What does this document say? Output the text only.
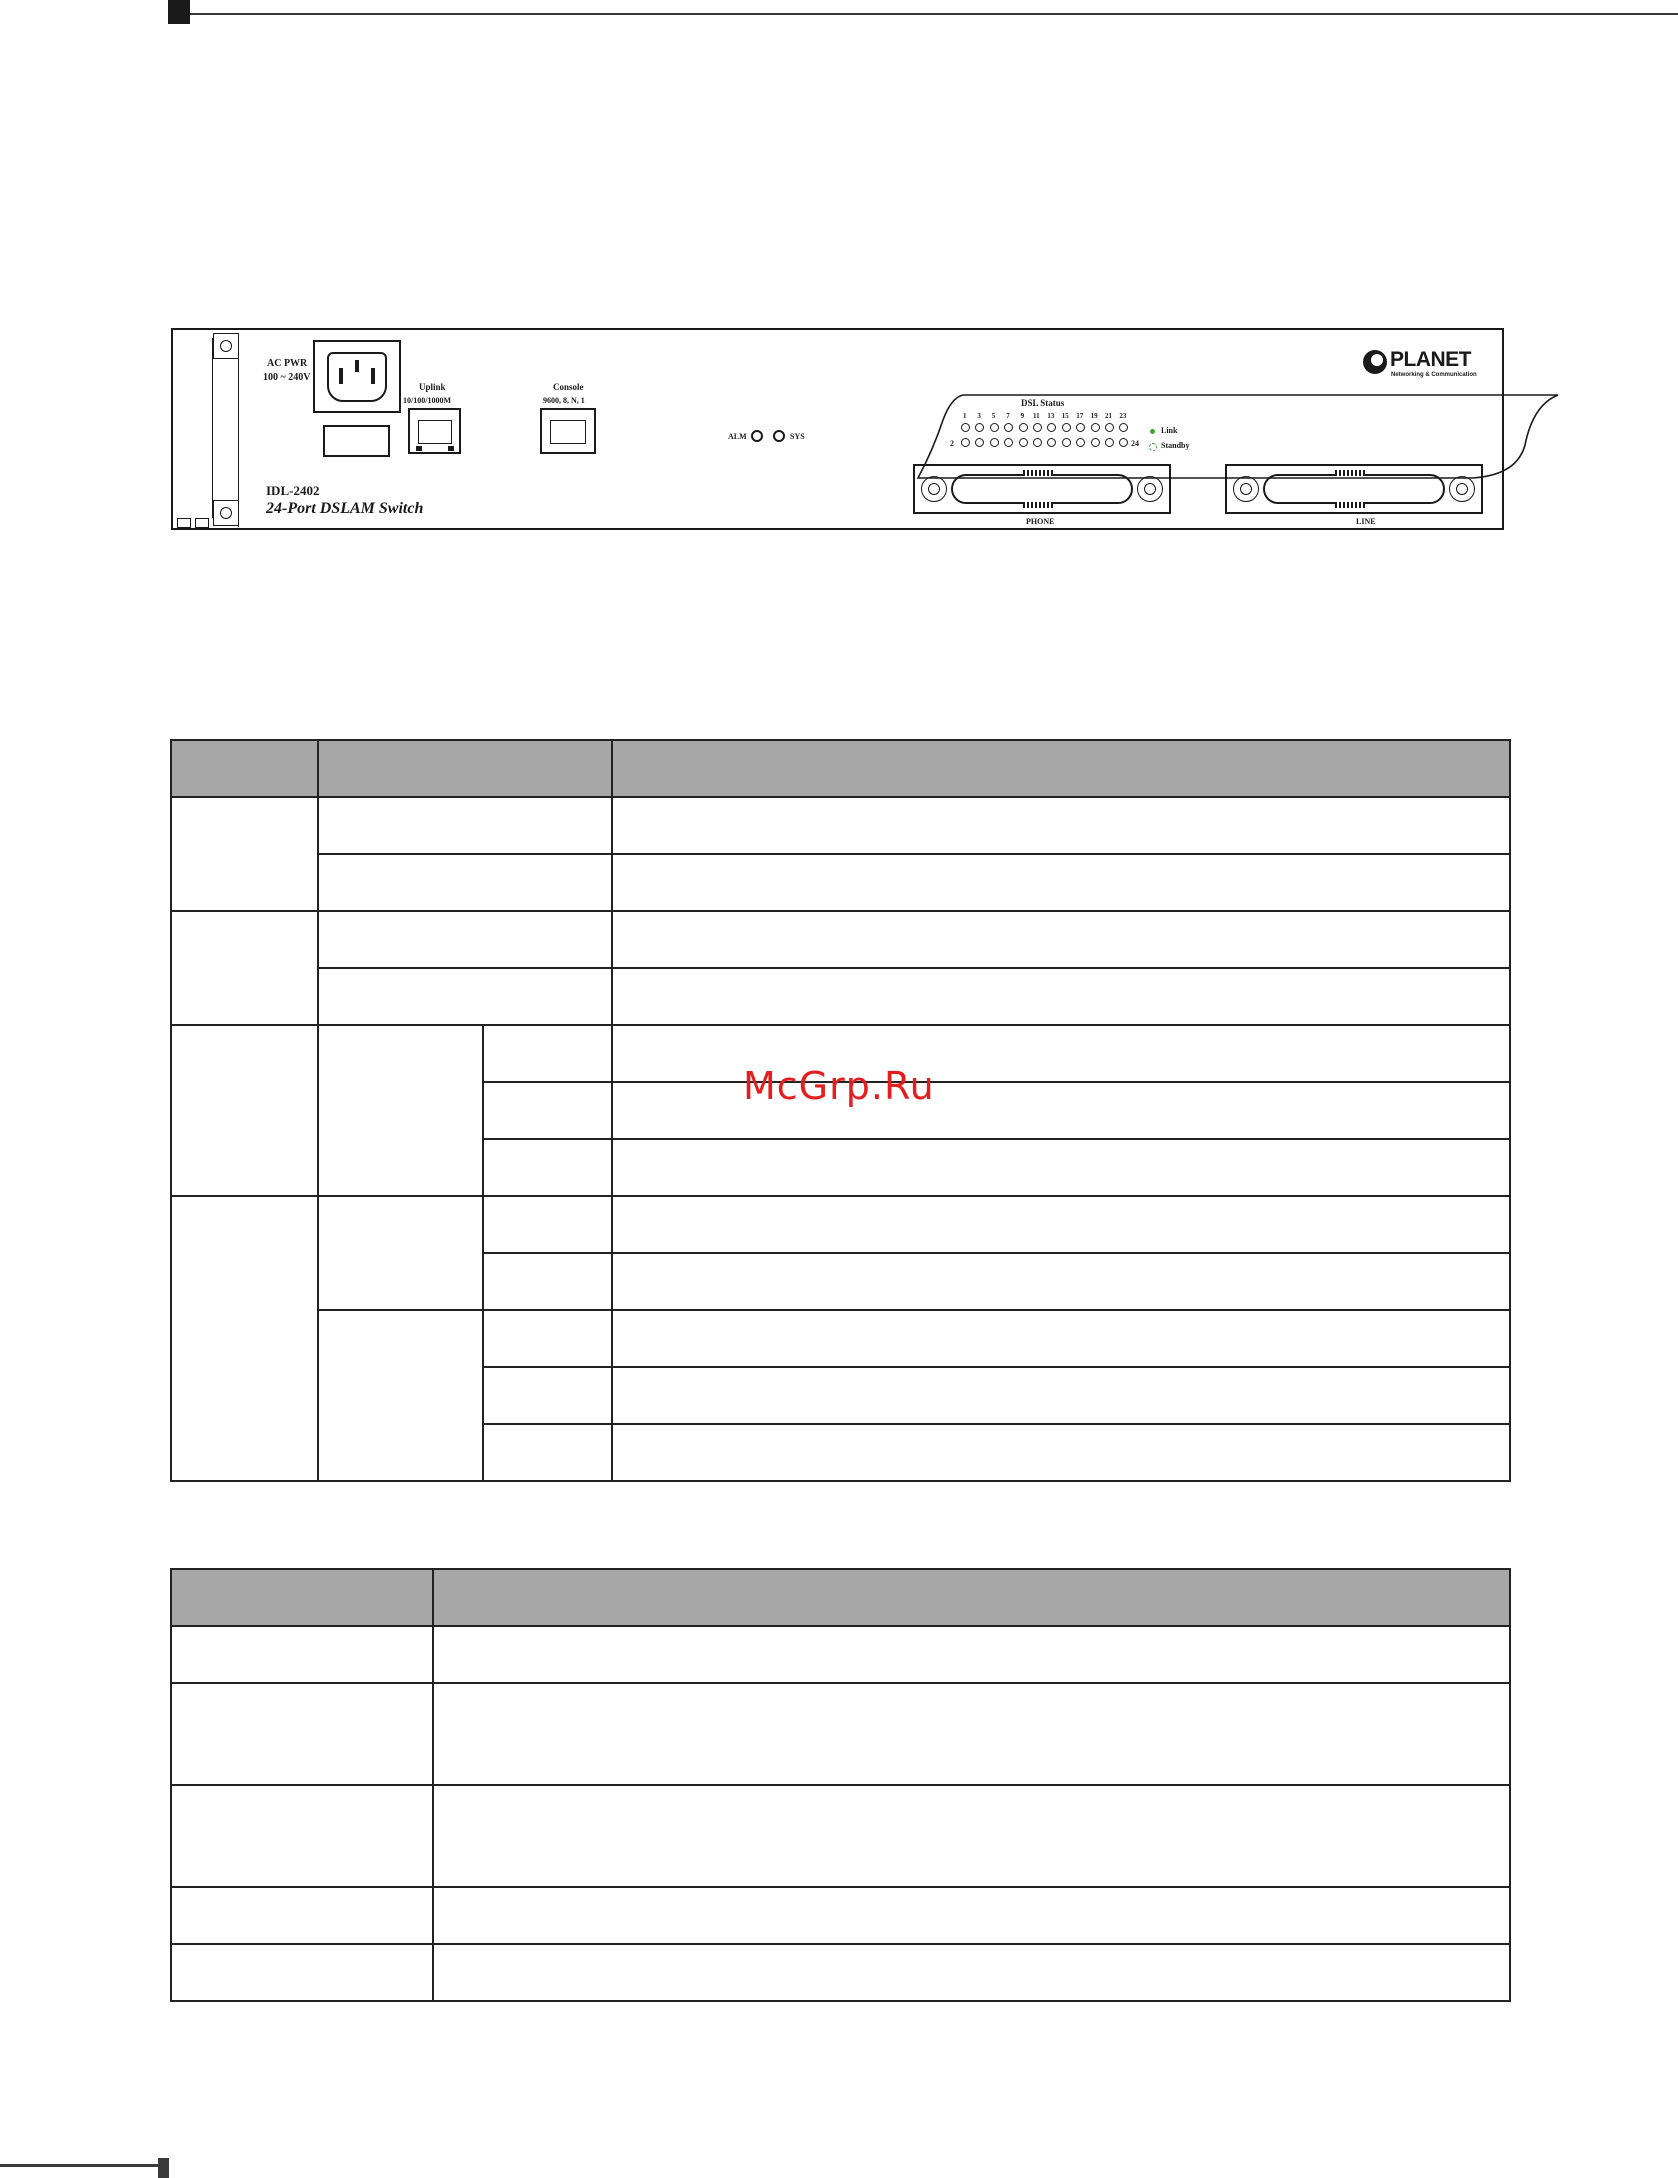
AC PWR
100 ~ 240V
Uplink
10/100/1000M
Console
9600, 8, N, 1
ALM	SYS
DSL Status
1 3 5 7 9 11 13 15 17 19 21 23
2	24
Link
Standby
PLANET
Networking & Communication
IDL-2402
24-Port DSLAM Switch
PHONE	LINE

McGrp.Ru
